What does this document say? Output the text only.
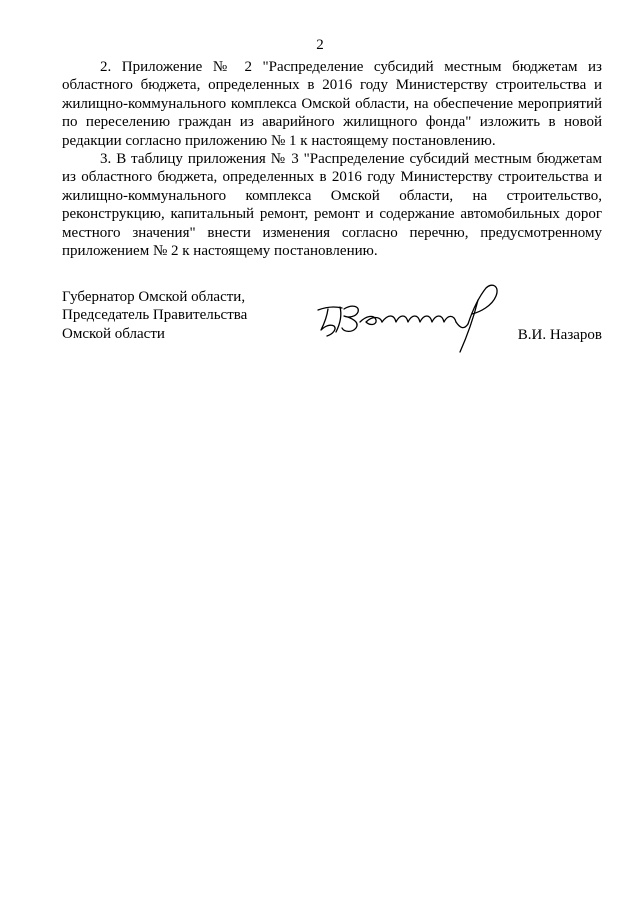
2

2. Приложение № 2 "Распределение субсидий местным бюджетам из областного бюджета, определенных в 2016 году Министерству строительства и жилищно-коммунального комплекса Омской области, на обеспечение мероприятий по переселению граждан из аварийного жилищного фонда" изложить в новой редакции согласно приложению № 1 к настоящему постановлению.

3. В таблицу приложения № 3 "Распределение субсидий местным бюджетам из областного бюджета, определенных в 2016 году Министерству строительства и жилищно-коммунального комплекса Омской области, на строительство, реконструкцию, капитальный ремонт, ремонт и содержание автомобильных дорог местного значения" внести изменения согласно перечню, предусмотренному приложением № 2 к настоящему постановлению.

Губернатор Омской области,
Председатель Правительства
Омской области	В.И. Назаров
